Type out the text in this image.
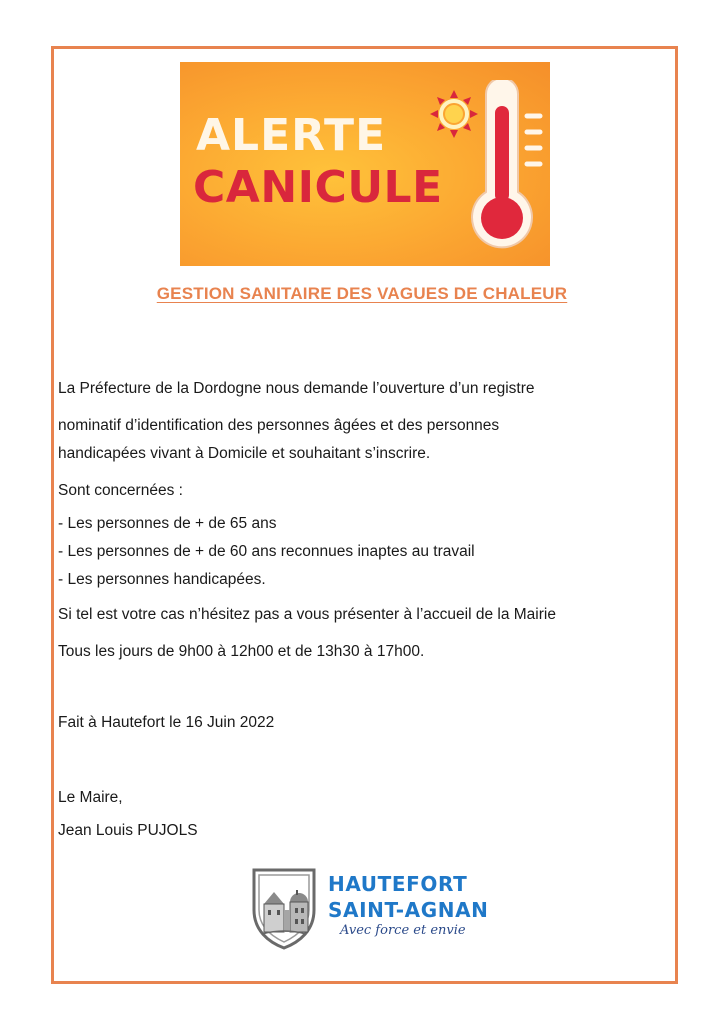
ALERTE
CANICULE
GESTION SANITAIRE DES VAGUES DE CHALEUR
La Préfecture de la Dordogne nous demande l’ouverture d’un registre
nominatif d’identification des personnes âgées et des personnes
handicapées vivant à Domicile et souhaitant s’inscrire.
Sont concernées :
- Les personnes de + de 65 ans
- Les personnes de + de 60 ans reconnues inaptes au travail
- Les personnes handicapées.
Si tel est votre cas n’hésitez pas a vous présenter à l’accueil de la Mairie
Tous les jours de 9h00 à 12h00 et de 13h30 à 17h00.
Fait à Hautefort le 16 Juin 2022
Le Maire,
Jean Louis PUJOLS
HAUTEFORT
SAINT-AGNAN
Avec force et envie
